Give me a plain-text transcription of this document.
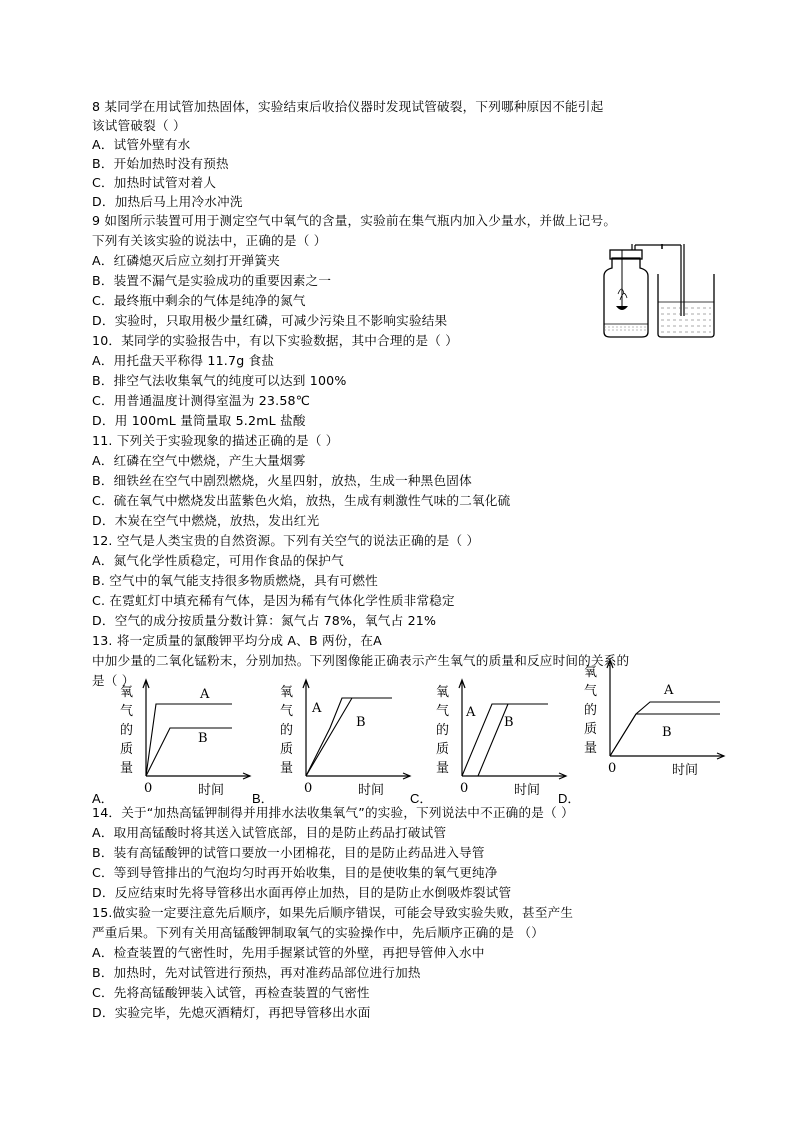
8 某同学在用试管加热固体，实验结束后收拾仪器时发现试管破裂，下列哪种原因不能引起
该试管破裂（ ）
A．试管外壁有水
B．开始加热时没有预热
C．加热时试管对着人
D．加热后马上用冷水冲洗
9 如图所示装置可用于测定空气中氧气的含量，实验前在集气瓶内加入少量水，并做上记号。
下列有关该实验的说法中，正确的是（ ）
A．红磷熄灭后应立刻打开弹簧夹
B．装置不漏气是实验成功的重要因素之一
C．最终瓶中剩余的气体是纯净的氮气
D．实验时，只取用极少量红磷，可减少污染且不影响实验结果
10．某同学的实验报告中，有以下实验数据，其中合理的是（ ）
A．用托盘天平称得 11.7g 食盐
B．排空气法收集氧气的纯度可以达到 100%
C．用普通温度计测得室温为 23.58℃
D．用 100mL 量筒量取 5.2mL 盐酸
11. 下列关于实验现象的描述正确的是（ ）
A．红磷在空气中燃烧，产生大量烟雾
B．细铁丝在空气中剧烈燃烧，火星四射，放热，生成一种黑色固体
C．硫在氧气中燃烧发出蓝紫色火焰，放热，生成有刺激性气味的二氧化硫
D．木炭在空气中燃烧，放热，发出红光
12. 空气是人类宝贵的自然资源。下列有关空气的说法正确的是（ ）
A．氮气化学性质稳定，可用作食品的保护气
B. 空气中的氧气能支持很多物质燃烧，具有可燃性
C. 在霓虹灯中填充稀有气体，是因为稀有气体化学性质非常稳定
D．空气的成分按质量分数计算：氮气占 78%，氧气占 21%
13. 将一定质量的氯酸钾平均分成 A、B 两份，在A
中加少量的二氧化锰粉末，分别加热。下列图像能正确表示产生氧气的质量和反应时间的关系的
是（ ）
A
B
0	时间
氧
气
的
质
量
A．
A
B
0	时间
氧
气
的
质
量
B．
A
B
0	时间
氧
气
的
质
量
C．
A
B
0	时间
氧
气
的
质
量
D．
14．关于“加热高锰钾制得并用排水法收集氧气”的实验，下列说法中不正确的是（ ）
A．取用高锰酸时将其送入试管底部，目的是防止药品打破试管
B．装有高锰酸钾的试管口要放一小团棉花，目的是防止药品进入导管
C．等到导管排出的气泡均匀时再开始收集，目的是使收集的氧气更纯净
D．反应结束时先将导管移出水面再停止加热，目的是防止水倒吸炸裂试管
15.做实验一定要注意先后顺序，如果先后顺序错误，可能会导致实验失败，甚至产生
严重后果。下列有关用高锰酸钾制取氧气的实验操作中，先后顺序正确的是 （）
A．检查装置的气密性时，先用手握紧试管的外壁，再把导管伸入水中
B．加热时，先对试管进行预热，再对准药品部位进行加热
C．先将高锰酸钾装入试管，再检查装置的气密性
D．实验完毕，先熄灭酒精灯，再把导管移出水面
